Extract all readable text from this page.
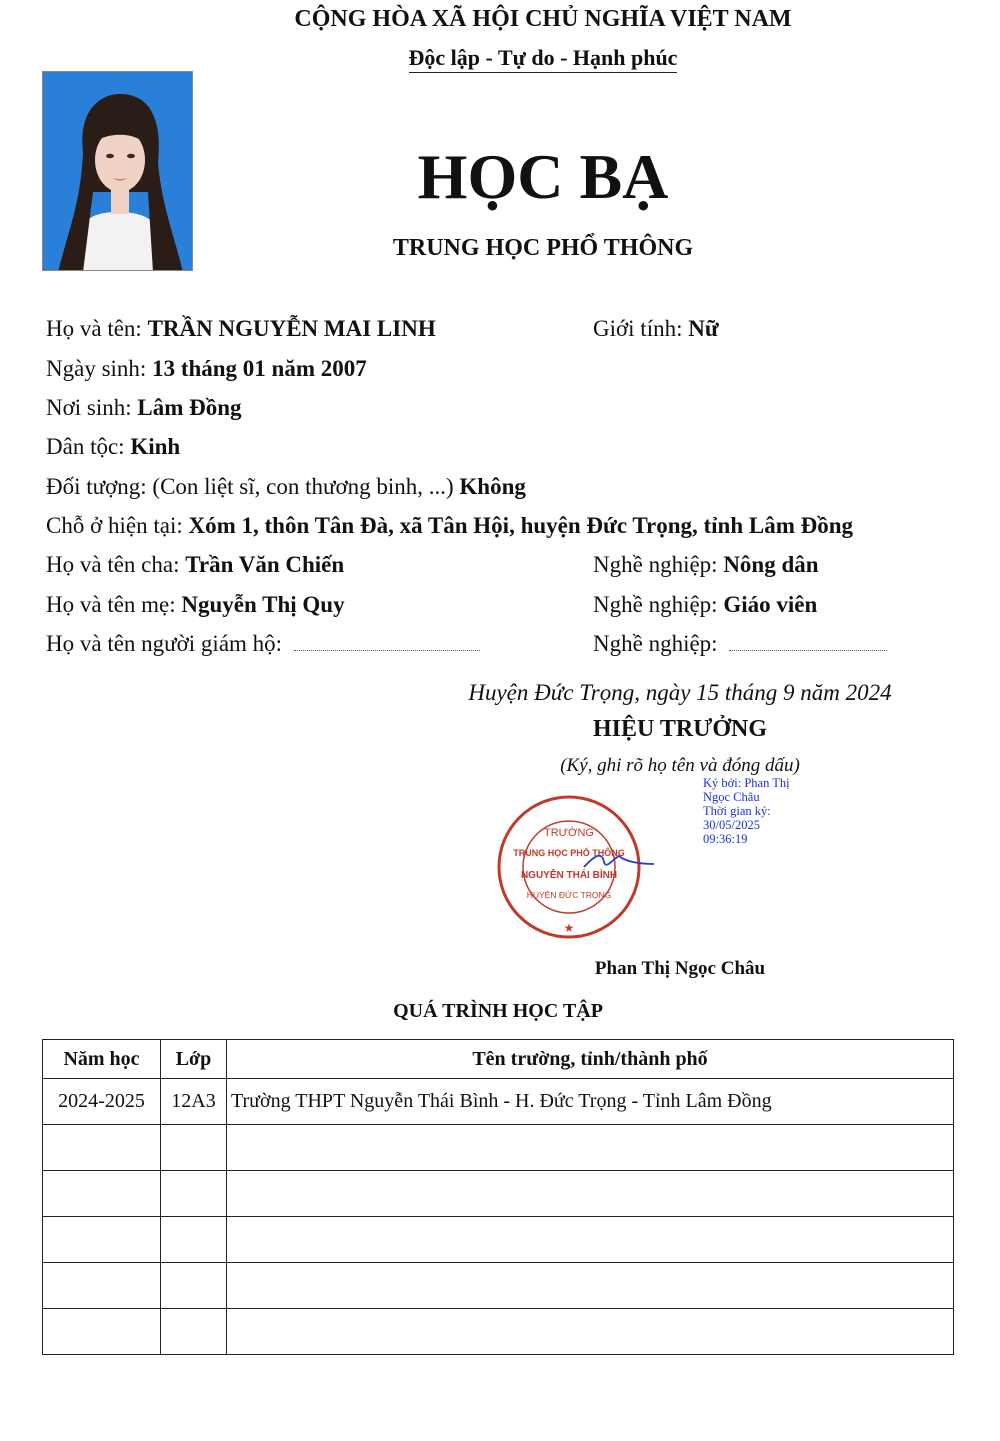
CỘNG HÒA XÃ HỘI CHỦ NGHĨA VIỆT NAM
Độc lập - Tự do - Hạnh phúc
HỌC BẠ
TRUNG HỌC PHỔ THÔNG
Họ và tên: TRẦN NGUYỄN MAI LINH	Giới tính: Nữ
Ngày sinh: 13 tháng 01 năm 2007
Nơi sinh: Lâm Đồng
Dân tộc: Kinh
Đối tượng: (Con liệt sĩ, con thương binh, ...) Không
Chỗ ở hiện tại: Xóm 1, thôn Tân Đà, xã Tân Hội, huyện Đức Trọng, tỉnh Lâm Đồng
Họ và tên cha: Trần Văn Chiến	Nghề nghiệp: Nông dân
Họ và tên mẹ: Nguyễn Thị Quy	Nghề nghiệp: Giáo viên
Họ và tên người giám hộ:	Nghề nghiệp:
Huyện Đức Trọng, ngày 15 tháng 9 năm 2024
HIỆU TRƯỞNG
(Ký, ghi rõ họ tên và đóng dấu)
Ký bởi: Phan Thị
Ngọc Châu
Thời gian ký:
30/05/2025
09:36:19
TRƯỜNG
TRUNG HỌC PHỔ THÔNG
NGUYỄN THÁI BÌNH
HUYỆN ĐỨC TRỌNG
★
Phan Thị Ngọc Châu
QUÁ TRÌNH HỌC TẬP
Năm học	Lớp	Tên trường, tỉnh/thành phố
2024-2025	12A3	Trường THPT Nguyễn Thái Bình - H. Đức Trọng - Tỉnh Lâm Đồng
